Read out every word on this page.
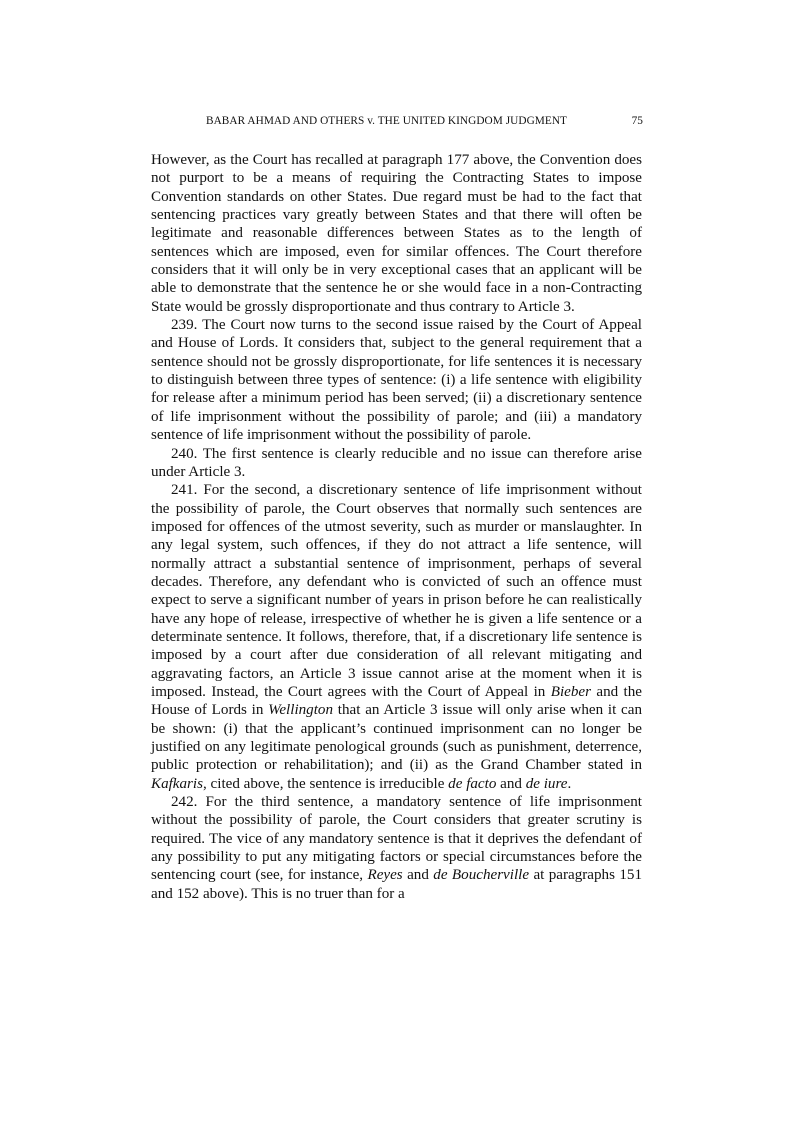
BABAR AHMAD AND OTHERS v. THE UNITED KINGDOM JUDGMENT	75

However, as the Court has recalled at paragraph 177 above, the Convention does not purport to be a means of requiring the Contracting States to impose Convention standards on other States. Due regard must be had to the fact that sentencing practices vary greatly between States and that there will often be legitimate and reasonable differences between States as to the length of sentences which are imposed, even for similar offences. The Court therefore considers that it will only be in very exceptional cases that an applicant will be able to demonstrate that the sentence he or she would face in a non-Contracting State would be grossly disproportionate and thus contrary to Article 3.

239. The Court now turns to the second issue raised by the Court of Appeal and House of Lords. It considers that, subject to the general requirement that a sentence should not be grossly disproportionate, for life sentences it is necessary to distinguish between three types of sentence: (i) a life sentence with eligibility for release after a minimum period has been served; (ii) a discretionary sentence of life imprisonment without the possibility of parole; and (iii) a mandatory sentence of life imprisonment without the possibility of parole.

240. The first sentence is clearly reducible and no issue can therefore arise under Article 3.

241. For the second, a discretionary sentence of life imprisonment without the possibility of parole, the Court observes that normally such sentences are imposed for offences of the utmost severity, such as murder or manslaughter. In any legal system, such offences, if they do not attract a life sentence, will normally attract a substantial sentence of imprisonment, perhaps of several decades. Therefore, any defendant who is convicted of such an offence must expect to serve a significant number of years in prison before he can realistically have any hope of release, irrespective of whether he is given a life sentence or a determinate sentence. It follows, therefore, that, if a discretionary life sentence is imposed by a court after due consideration of all relevant mitigating and aggravating factors, an Article 3 issue cannot arise at the moment when it is imposed. Instead, the Court agrees with the Court of Appeal in Bieber and the House of Lords in Wellington that an Article 3 issue will only arise when it can be shown: (i) that the applicant’s continued imprisonment can no longer be justified on any legitimate penological grounds (such as punishment, deterrence, public protection or rehabilitation); and (ii) as the Grand Chamber stated in Kafkaris, cited above, the sentence is irreducible de facto and de iure.

242. For the third sentence, a mandatory sentence of life imprisonment without the possibility of parole, the Court considers that greater scrutiny is required. The vice of any mandatory sentence is that it deprives the defendant of any possibility to put any mitigating factors or special circumstances before the sentencing court (see, for instance, Reyes and de Boucherville at paragraphs 151 and 152 above). This is no truer than for a
